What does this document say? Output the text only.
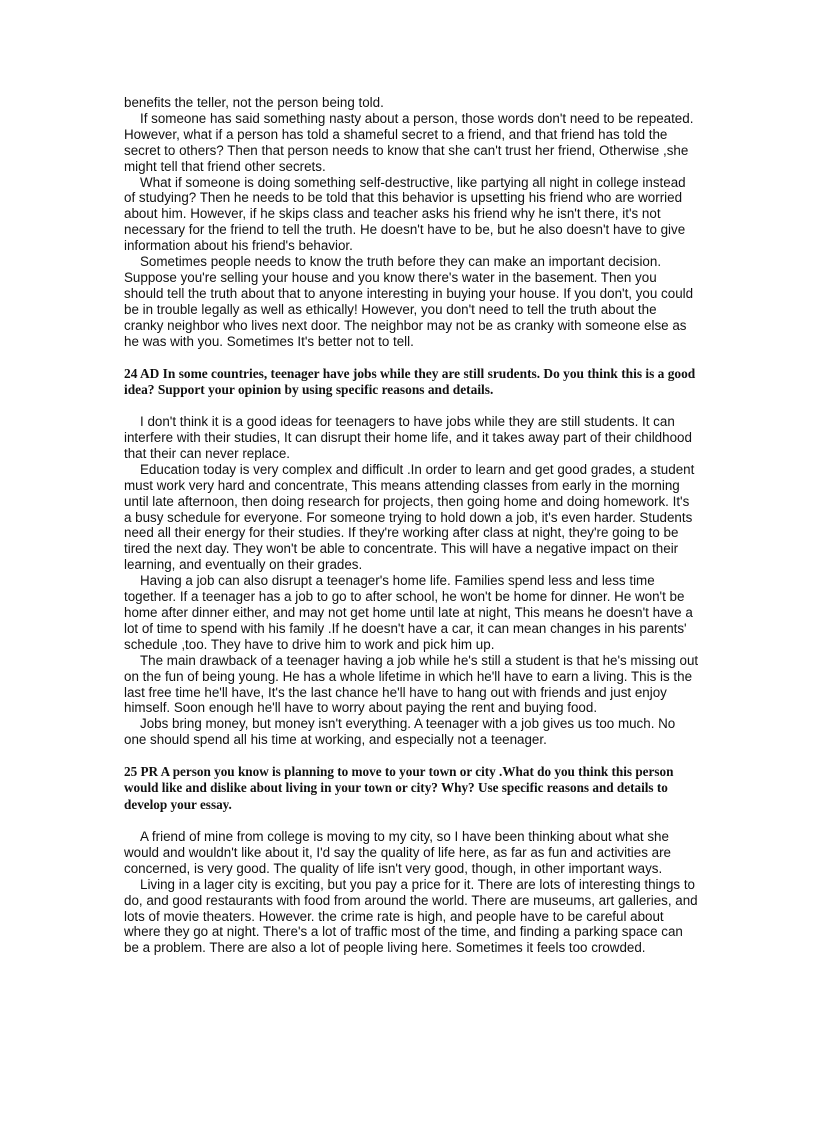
benefits the teller, not the person being told.

If someone has said something nasty about a person, those words don't need to be repeated. However, what if a person has told a shameful secret to a friend, and that friend has told the secret to others? Then that person needs to know that she can't trust her friend, Otherwise ,she might tell that friend other secrets.

What if someone is doing something self-destructive, like partying all night in college instead of studying? Then he needs to be told that this behavior is upsetting his friend who are worried about him. However, if he skips class and teacher asks his friend why he isn't there, it's not necessary for the friend to tell the truth. He doesn't have to be, but he also doesn't have to give information about his friend's behavior.

Sometimes people needs to know the truth before they can make an important decision. Suppose you're selling your house and you know there's water in the basement. Then you should tell the truth about that to anyone interesting in buying your house. If you don't, you could be in trouble legally as well as ethically! However, you don't need to tell the truth about the cranky neighbor who lives next door. The neighbor may not be as cranky with someone else as he was with you. Sometimes It's better not to tell.

24 AD In some countries, teenager have jobs while they are still srudents. Do you think this is a good idea? Support your opinion by using specific reasons and details.

I don't think it is a good ideas for teenagers to have jobs while they are still students. It can interfere with their studies, It can disrupt their home life, and it takes away part of their childhood that their can never replace.

Education today is very complex and difficult .In order to learn and get good grades, a student must work very hard and concentrate, This means attending classes from early in the morning until late afternoon, then doing research for projects, then going home and doing homework. It's a busy schedule for everyone. For someone trying to hold down a job, it's even harder. Students need all their energy for their studies. If they're working after class at night, they're going to be tired the next day. They won't be able to concentrate. This will have a negative impact on their learning, and eventually on their grades.

Having a job can also disrupt a teenager's home life. Families spend less and less time together. If a teenager has a job to go to after school, he won't be home for dinner. He won't be home after dinner either, and may not get home until late at night, This means he doesn't have a lot of time to spend with his family .If he doesn't have a car, it can mean changes in his parents' schedule ,too. They have to drive him to work and pick him up.

The main drawback of a teenager having a job while he's still a student is that he's missing out on the fun of being young. He has a whole lifetime in which he'll have to earn a living. This is the last free time he'll have, It's the last chance he'll have to hang out with friends and just enjoy himself. Soon enough he'll have to worry about paying the rent and buying food.

Jobs bring money, but money isn't everything. A teenager with a job gives us too much. No one should spend all his time at working, and especially not a teenager.

25 PR A person you know is planning to move to your town or city .What do you think this person would like and dislike about living in your town or city? Why? Use specific reasons and details to develop your essay.

A friend of mine from college is moving to my city, so I have been thinking about what she would and wouldn't like about it, I'd say the quality of life here, as far as fun and activities are concerned, is very good. The quality of life isn't very good, though, in other important ways.

Living in a lager city is exciting, but you pay a price for it. There are lots of interesting things to do, and good restaurants with food from around the world. There are museums, art galleries, and lots of movie theaters. However. the crime rate is high, and people have to be careful about where they go at night. There's a lot of traffic most of the time, and finding a parking space can be a problem. There are also a lot of people living here. Sometimes it feels too crowded.
